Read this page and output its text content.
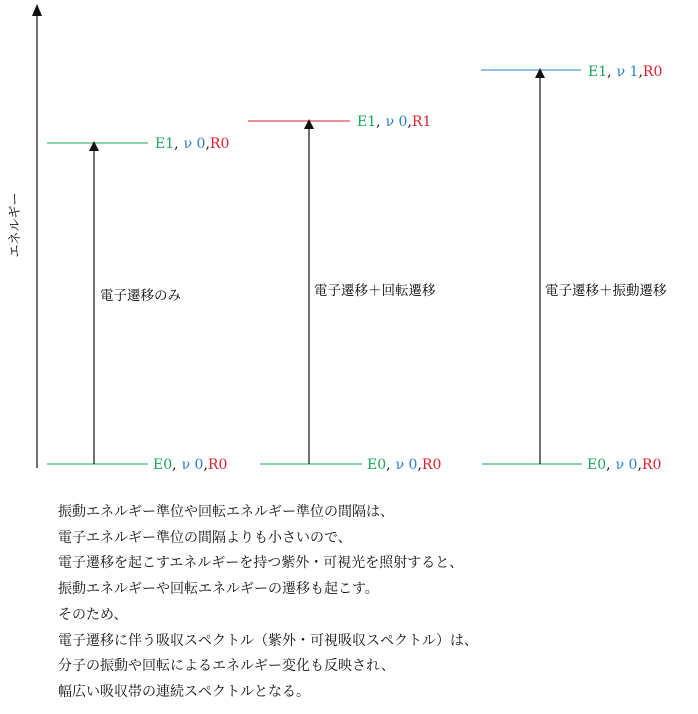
エネルギー
E1, ν 0,R0
E0, ν 0,R0
電子遷移のみ
E1, ν 0,R1
E0, ν 0,R0
電子遷移＋回転遷移
E1, ν 1,R0
E0, ν 0,R0
電子遷移＋振動遷移
振動エネルギー準位や回転エネルギー準位の間隔は、
電子エネルギー準位の間隔よりも小さいので、
電子遷移を起こすエネルギーを持つ紫外・可視光を照射すると、
振動エネルギーや回転エネルギーの遷移も起こす。
そのため、
電子遷移に伴う吸収スペクトル（紫外・可視吸収スペクトル）は、
分子の振動や回転によるエネルギー変化も反映され、
幅広い吸収帯の連続スペクトルとなる。
